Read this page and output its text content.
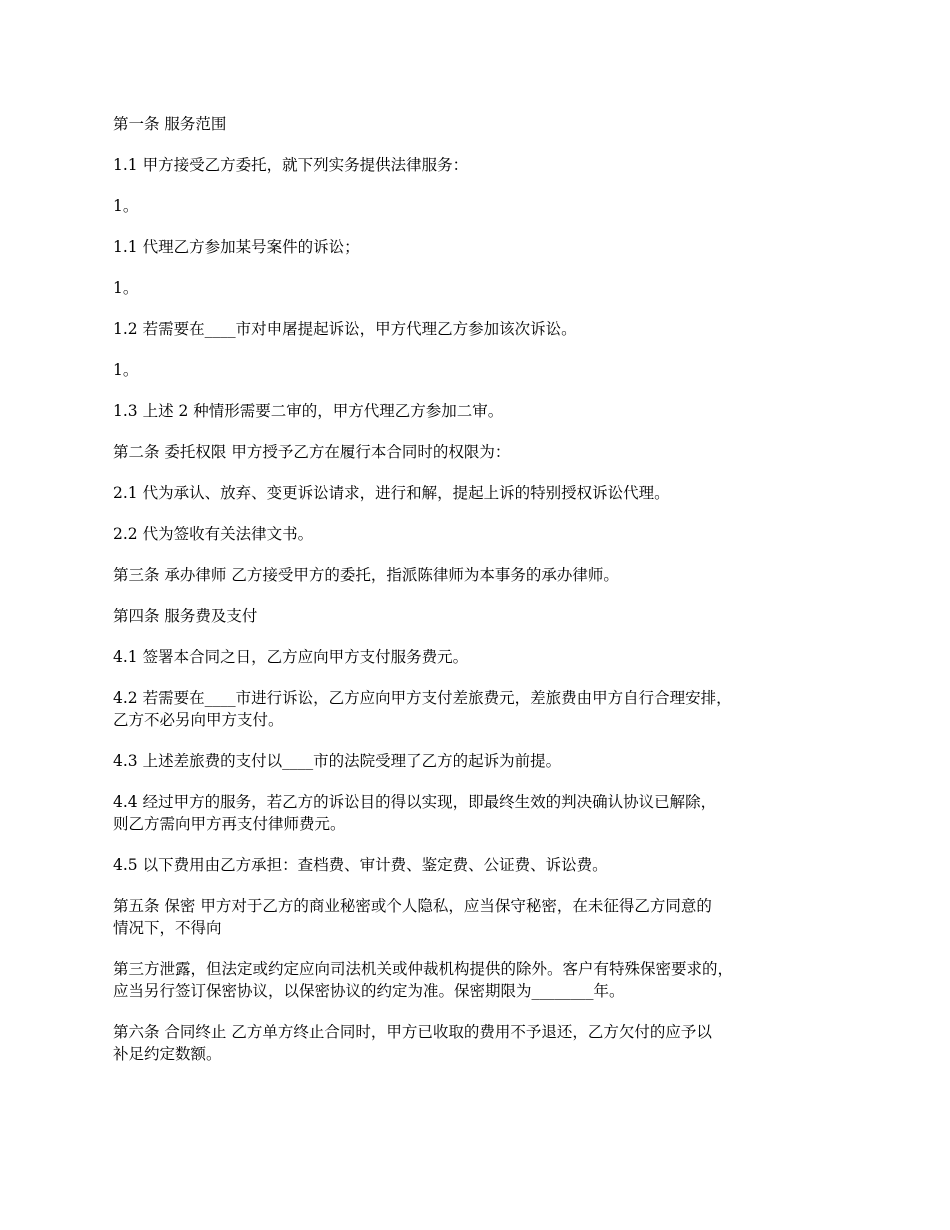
第一条 服务范围

1.1 甲方接受乙方委托，就下列实务提供法律服务：

1。

1.1 代理乙方参加某号案件的诉讼；

1。

1.2 若需要在____市对申屠提起诉讼，甲方代理乙方参加该次诉讼。

1。

1.3 上述 2 种情形需要二审的，甲方代理乙方参加二审。

第二条 委托权限 甲方授予乙方在履行本合同时的权限为：

2.1 代为承认、放弃、变更诉讼请求，进行和解，提起上诉的特别授权诉讼代理。

2.2 代为签收有关法律文书。

第三条 承办律师 乙方接受甲方的委托，指派陈律师为本事务的承办律师。

第四条 服务费及支付

4.1 签署本合同之日，乙方应向甲方支付服务费元。

4.2 若需要在____市进行诉讼，乙方应向甲方支付差旅费元，差旅费由甲方自行合理安排，
乙方不必另向甲方支付。

4.3 上述差旅费的支付以____市的法院受理了乙方的起诉为前提。

4.4 经过甲方的服务，若乙方的诉讼目的得以实现，即最终生效的判决确认协议已解除，
则乙方需向甲方再支付律师费元。

4.5 以下费用由乙方承担：查档费、审计费、鉴定费、公证费、诉讼费。

第五条 保密 甲方对于乙方的商业秘密或个人隐私，应当保守秘密，在未征得乙方同意的
情况下，不得向

第三方泄露，但法定或约定应向司法机关或仲裁机构提供的除外。客户有特殊保密要求的，
应当另行签订保密协议，以保密协议的约定为准。保密期限为________年。

第六条 合同终止 乙方单方终止合同时，甲方已收取的费用不予退还，乙方欠付的应予以
补足约定数额。
